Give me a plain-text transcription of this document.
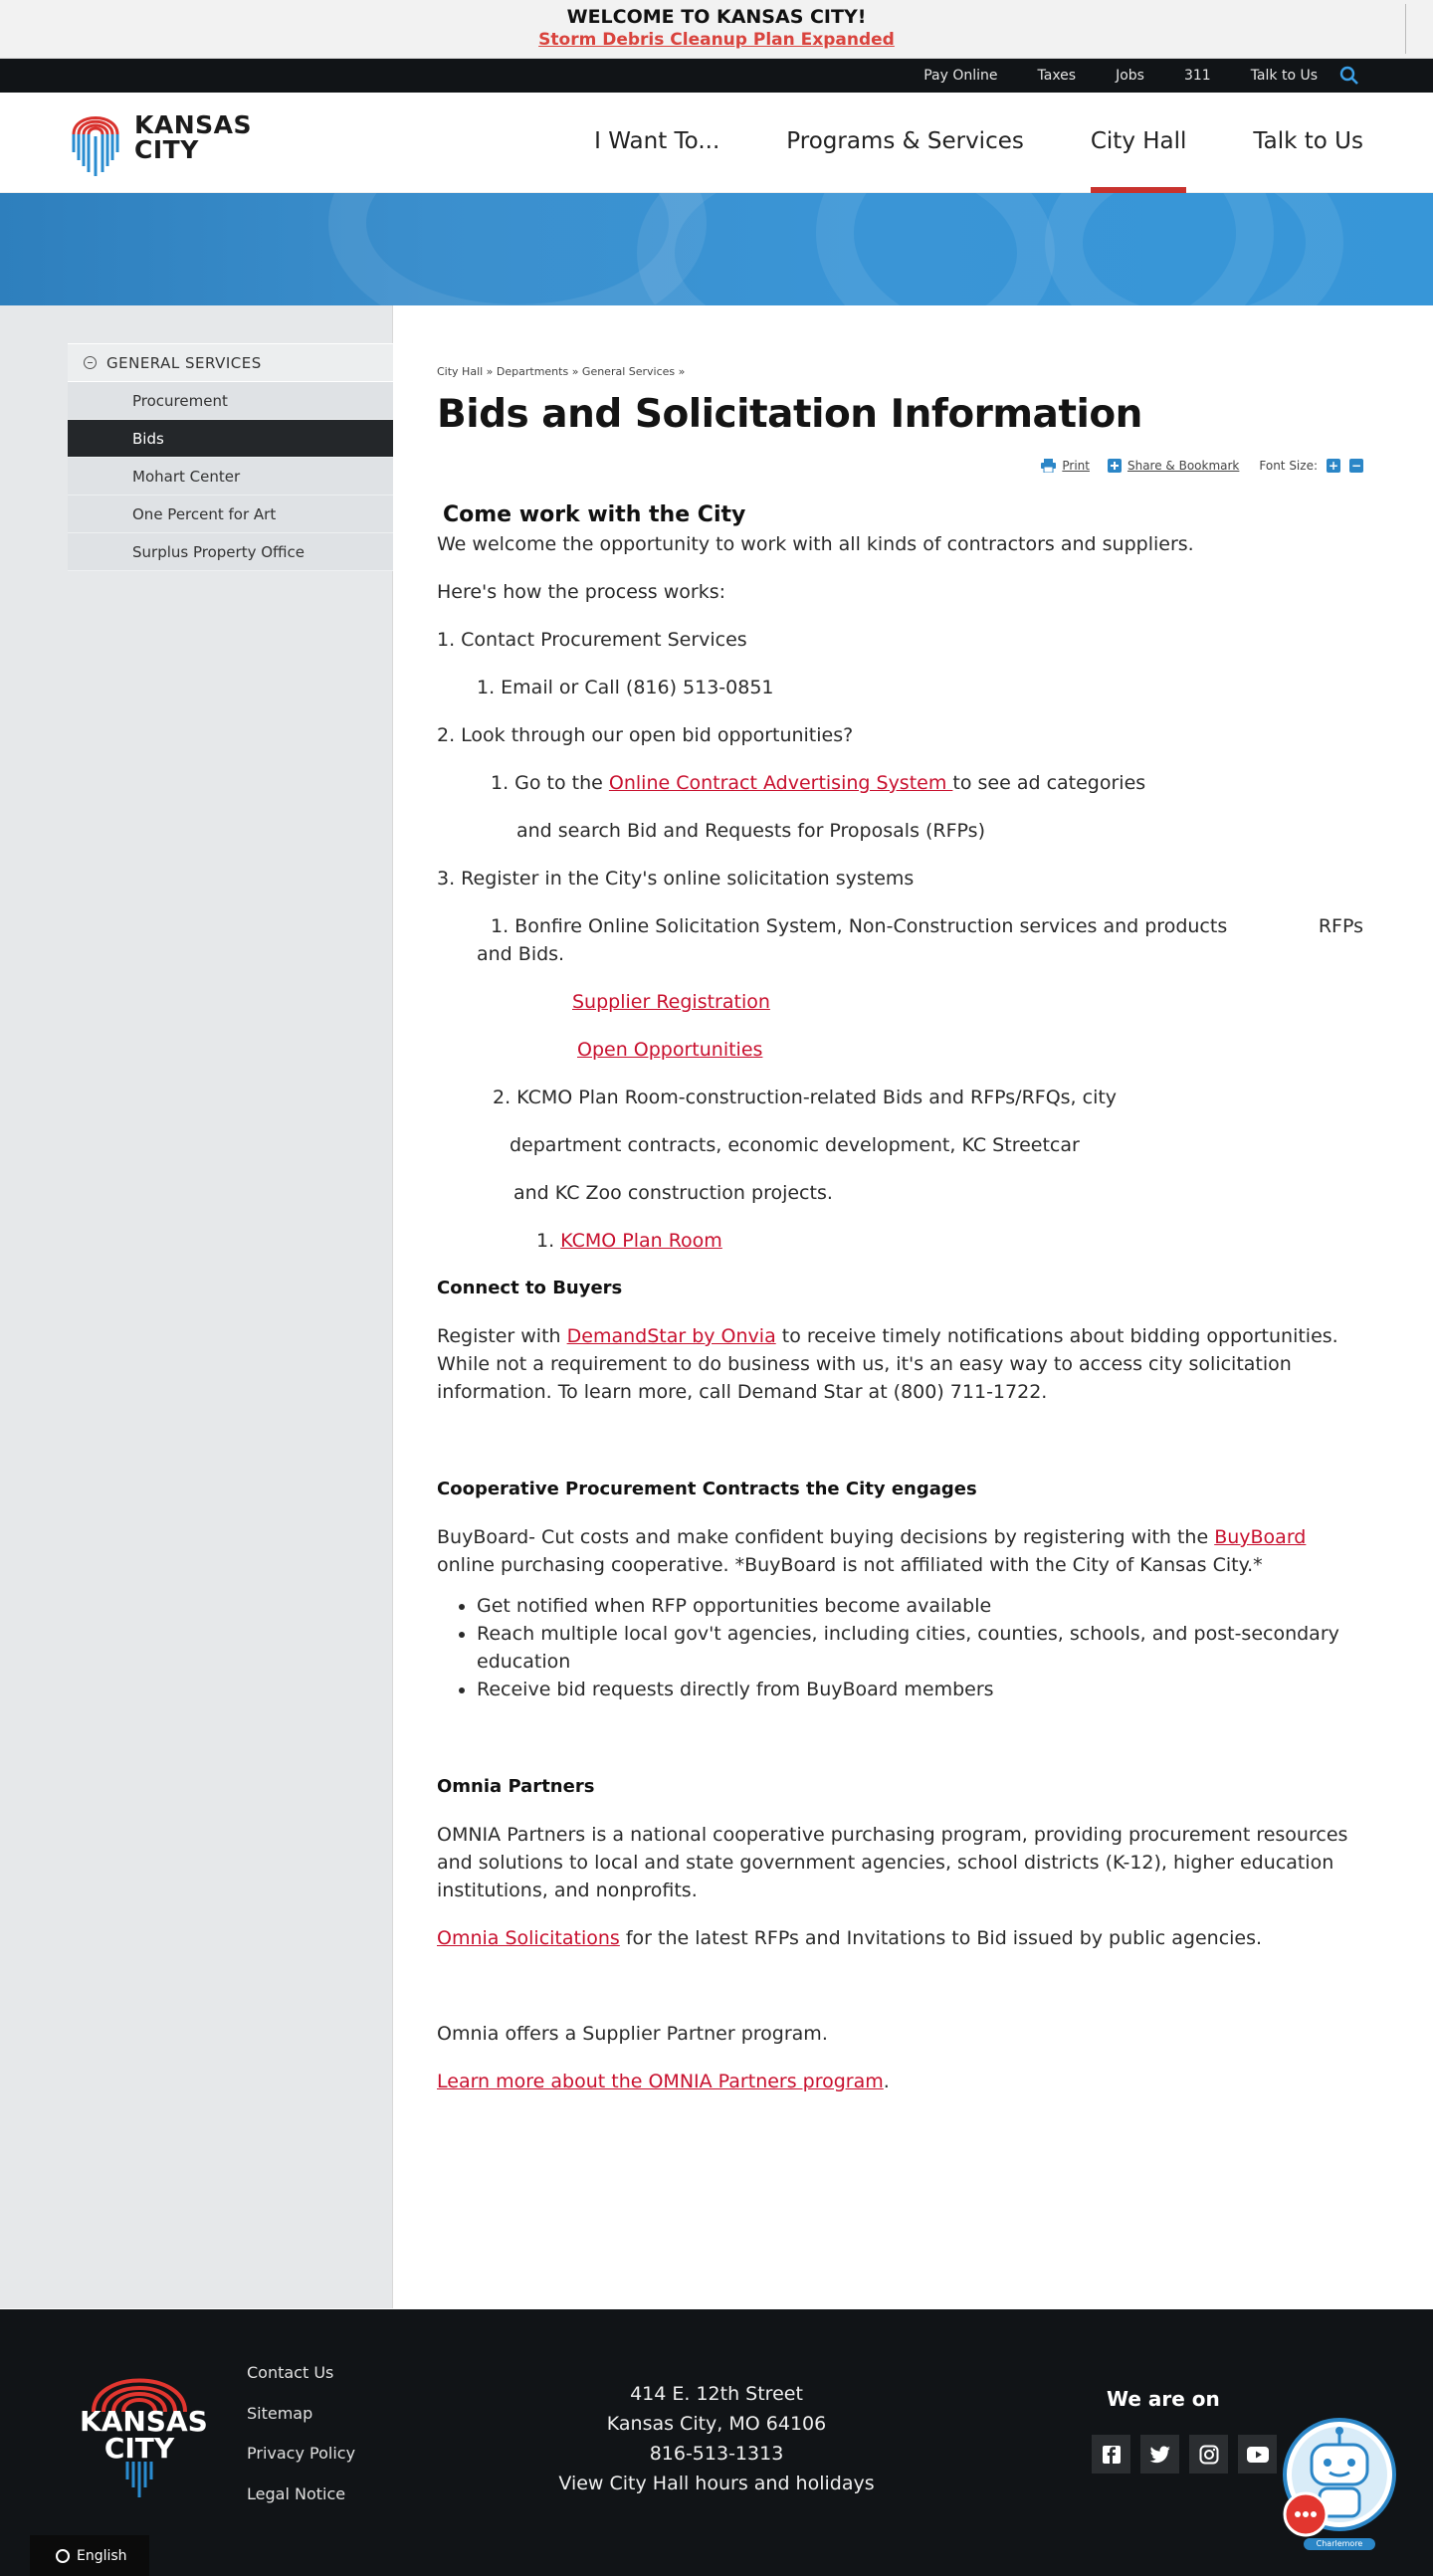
WELCOME TO KANSAS CITY!
Storm Debris Cleanup Plan Expanded
Pay Online	Taxes	Jobs	311	Talk to Us
KANSAS
CITY	I Want To...	Programs & Services	City Hall	Talk to Us
GENERAL SERVICES
Procurement
Bids
Mohart Center
One Percent for Art
Surplus Property Office
City Hall » Departments » General Services »
Bids and Solicitation Information
Print	Share & Bookmark Font Size: + −
Come work with the City

We welcome the opportunity to work with all kinds of contractors and suppliers.

Here's how the process works:

1. Contact Procurement Services

1. Email or Call (816) 513-0851

2. Look through our open bid opportunities?

1. Go to the Online Contract Advertising System to see ad categories

and search Bid and Requests for Proposals (RFPs)

3. Register in the City's online solicitation systems

1. Bonfire Online Solicitation System, Non-Construction services and products	RFPs
and Bids.

Supplier Registration

Open Opportunities

2. KCMO Plan Room-construction-related Bids and RFPs/RFQs, city

department contracts, economic development, KC Streetcar

and KC Zoo construction projects.

1. KCMO Plan Room

Connect to Buyers

Register with DemandStar by Onvia to receive timely notifications about bidding opportunities. While not a requirement to do business with us, it's an easy way to access city solicitation information. To learn more, call Demand Star at (800) 711-1722.

Cooperative Procurement Contracts the City engages

BuyBoard- Cut costs and make confident buying decisions by registering with the BuyBoard online purchasing cooperative. *BuyBoard is not affiliated with the City of Kansas City.*

• Get notified when RFP opportunities become available
• Reach multiple local gov't agencies, including cities, counties, schools, and post-secondary education
• Receive bid requests directly from BuyBoard members
Omnia Partners

OMNIA Partners is a national cooperative purchasing program, providing procurement resources and solutions to local and state government agencies, school districts (K-12), higher education institutions, and nonprofits.

Omnia Solicitations for the latest RFPs and Invitations to Bid issued by public agencies.

Omnia offers a Supplier Partner program.

Learn more about the OMNIA Partners program.

KANSAS
CITY
Contact Us
Sitemap
Privacy Policy
Legal Notice
414 E. 12th Street
Kansas City, MO 64106
816-513-1313
View City Hall hours and holidays
We are on
Charlemore
English
